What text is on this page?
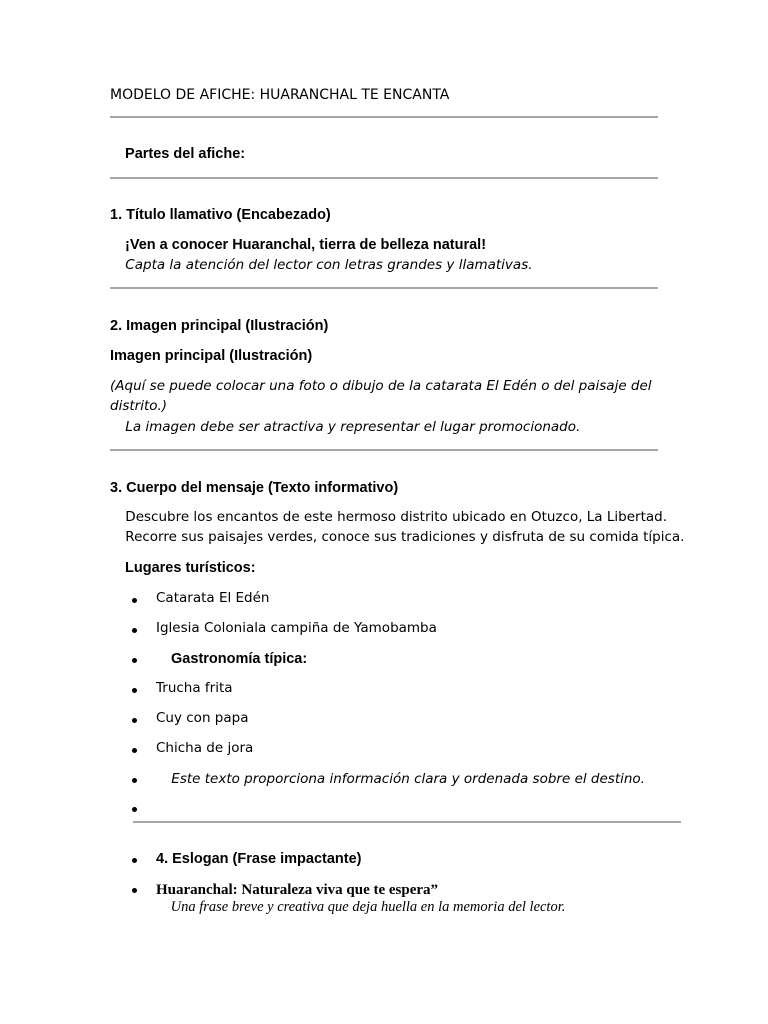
MODELO DE AFICHE: HUARANCHAL TE ENCANTA
Partes del afiche:
1. Título llamativo (Encabezado)
¡Ven a conocer Huaranchal, tierra de belleza natural!
Capta la atención del lector con letras grandes y llamativas.
2. Imagen principal (Ilustración)
Imagen principal (Ilustración)
(Aquí se puede colocar una foto o dibujo de la catarata El Edén o del paisaje del
distrito.)
La imagen debe ser atractiva y representar el lugar promocionado.
3. Cuerpo del mensaje (Texto informativo)
Descubre los encantos de este hermoso distrito ubicado en Otuzco, La Libertad.
Recorre sus paisajes verdes, conoce sus tradiciones y disfruta de su comida típica.
Lugares turísticos:
Catarata El Edén
Iglesia Coloniala campiña de Yamobamba
Gastronomía típica:
Trucha frita
Cuy con papa
Chicha de jora
Este texto proporciona información clara y ordenada sobre el destino.
4. Eslogan (Frase impactante)
Huaranchal: Naturaleza viva que te espera”
Una frase breve y creativa que deja huella en la memoria del lector.
